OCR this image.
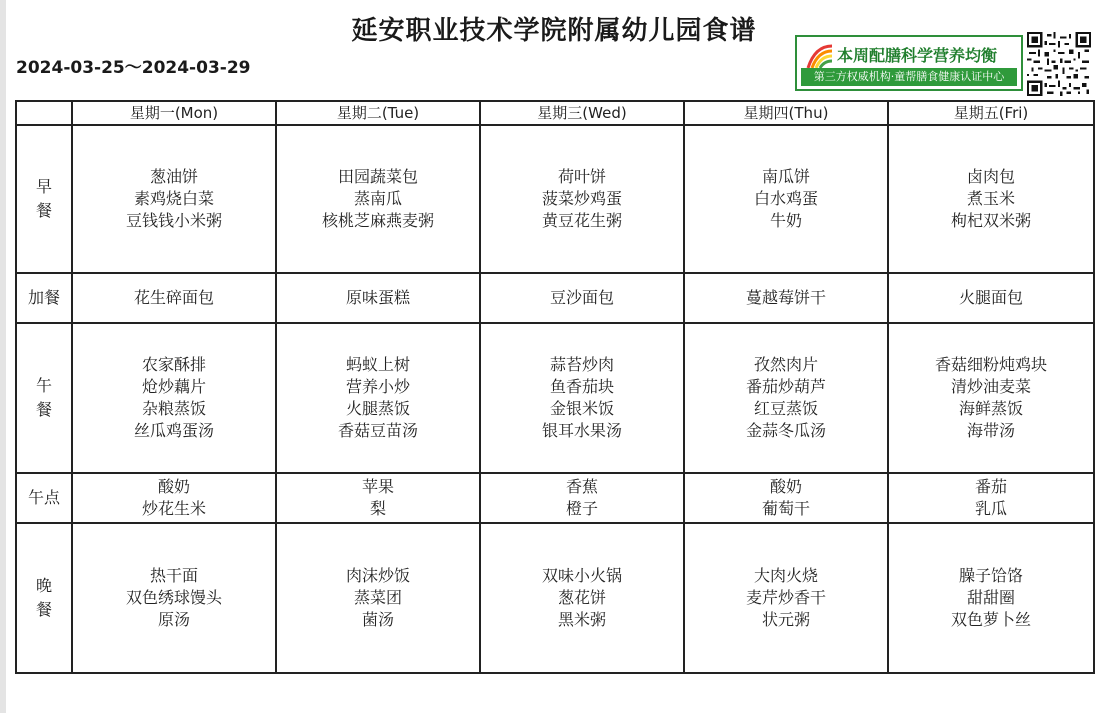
延安职业技术学院附属幼儿园食谱
2024-03-25～2024-03-29
本周配膳科学营养均衡
第三方权威机构·童帮膳食健康认证中心
	星期一(Mon)	星期二(Tue)	星期三(Wed)	星期四(Thu)	星期五(Fri)

早
餐	葱油饼
素鸡烧白菜
豆钱钱小米粥	田园蔬菜包
蒸南瓜
核桃芝麻燕麦粥	荷叶饼
菠菜炒鸡蛋
黄豆花生粥	南瓜饼
白水鸡蛋
牛奶	卤肉包
煮玉米
枸杞双米粥

加餐	花生碎面包	原味蛋糕	豆沙面包	蔓越莓饼干	火腿面包

午
餐	农家酥排
炝炒藕片
杂粮蒸饭
丝瓜鸡蛋汤	蚂蚁上树
营养小炒
火腿蒸饭
香菇豆苗汤	蒜苔炒肉
鱼香茄块
金银米饭
银耳水果汤	孜然肉片
番茄炒葫芦
红豆蒸饭
金蒜冬瓜汤	香菇细粉炖鸡块
清炒油麦菜
海鲜蒸饭
海带汤

午点	酸奶
炒花生米	苹果
梨	香蕉
橙子	酸奶
葡萄干	番茄
乳瓜

晚
餐	热干面
双色绣球馒头
原汤	肉沫炒饭
蒸菜团
菌汤	双味小火锅
葱花饼
黑米粥	大肉火烧
麦芹炒香干
状元粥	臊子饸饹
甜甜圈
双色萝卜丝
